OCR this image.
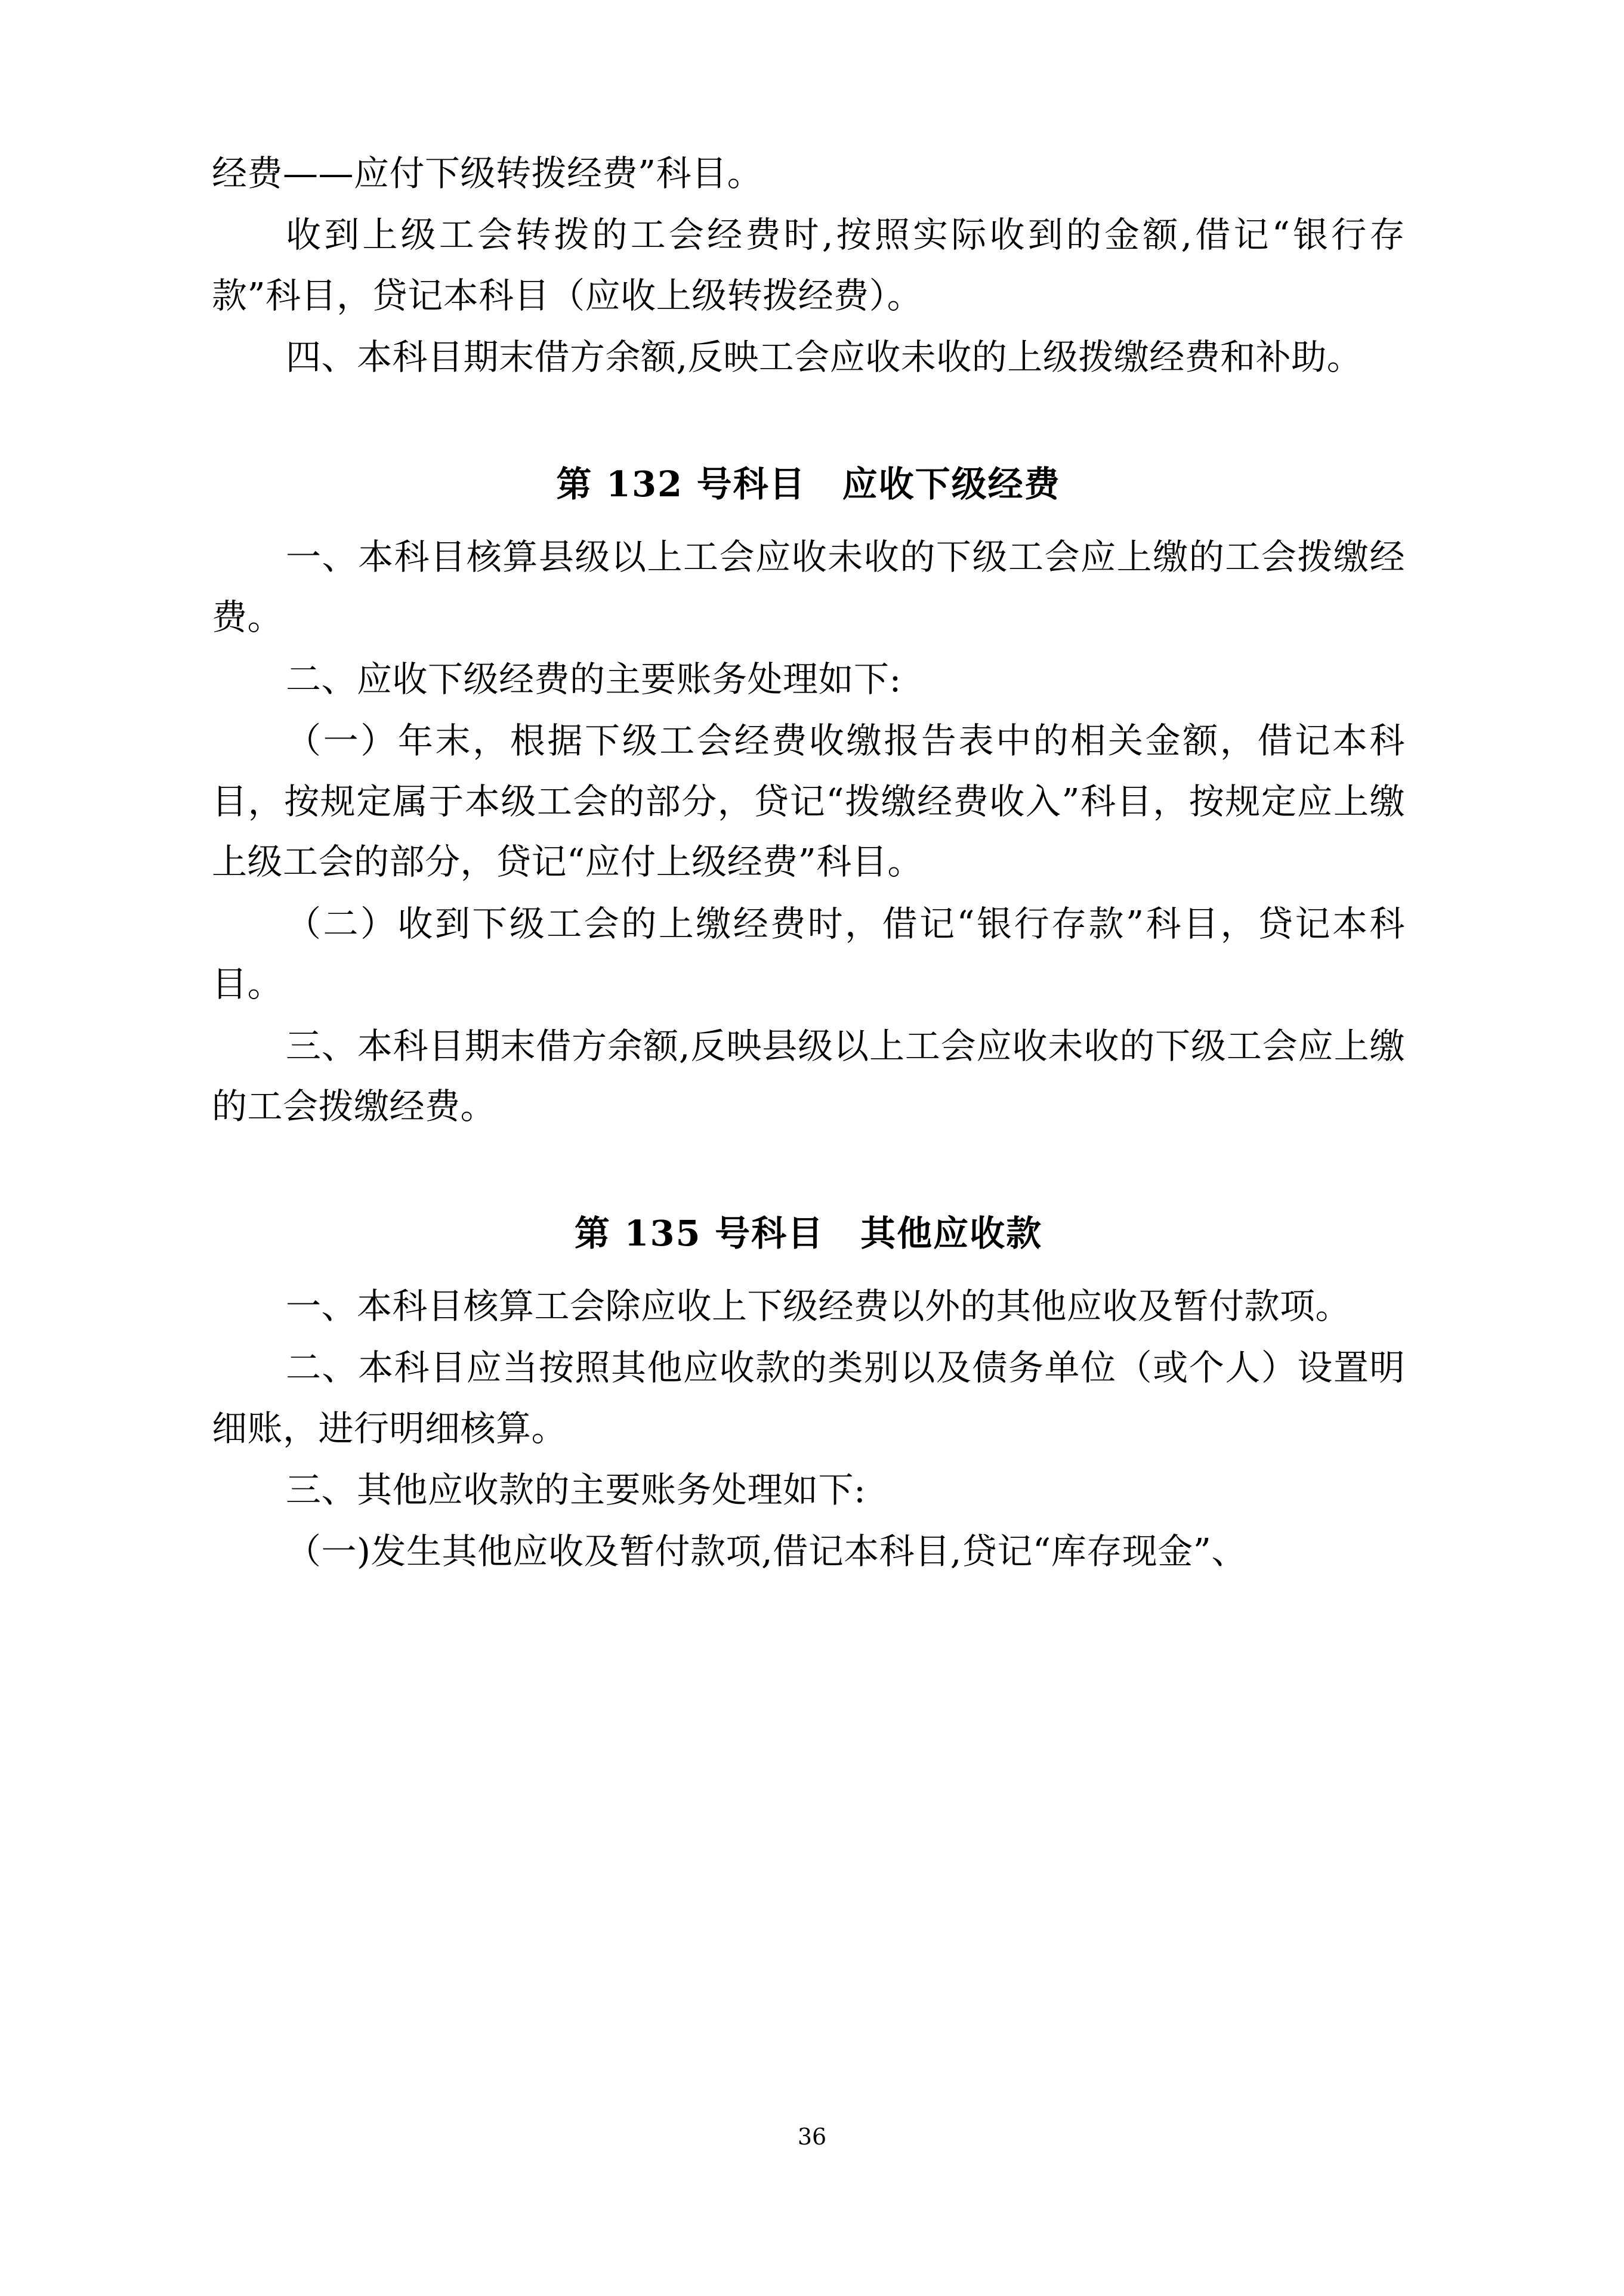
经费——应付下级转拨经费”科目。

收到上级工会转拨的工会经费时,按照实际收到的金额,借记“银行存款”科目，贷记本科目（应收上级转拨经费）。

四、本科目期末借方余额,反映工会应收未收的上级拨缴经费和补助。

第 132 号科目　应收下级经费

一、本科目核算县级以上工会应收未收的下级工会应上缴的工会拨缴经费。

二、应收下级经费的主要账务处理如下:

（一）年末，根据下级工会经费收缴报告表中的相关金额，借记本科目，按规定属于本级工会的部分，贷记“拨缴经费收入”科目，按规定应上缴上级工会的部分，贷记“应付上级经费”科目。

（二）收到下级工会的上缴经费时，借记“银行存款”科目，贷记本科目。

三、本科目期末借方余额,反映县级以上工会应收未收的下级工会应上缴的工会拨缴经费。

第 135 号科目　其他应收款

一、本科目核算工会除应收上下级经费以外的其他应收及暂付款项。

二、本科目应当按照其他应收款的类别以及债务单位（或个人）设置明细账，进行明细核算。

三、其他应收款的主要账务处理如下:

（一)发生其他应收及暂付款项,借记本科目,贷记“库存现金”、

36
